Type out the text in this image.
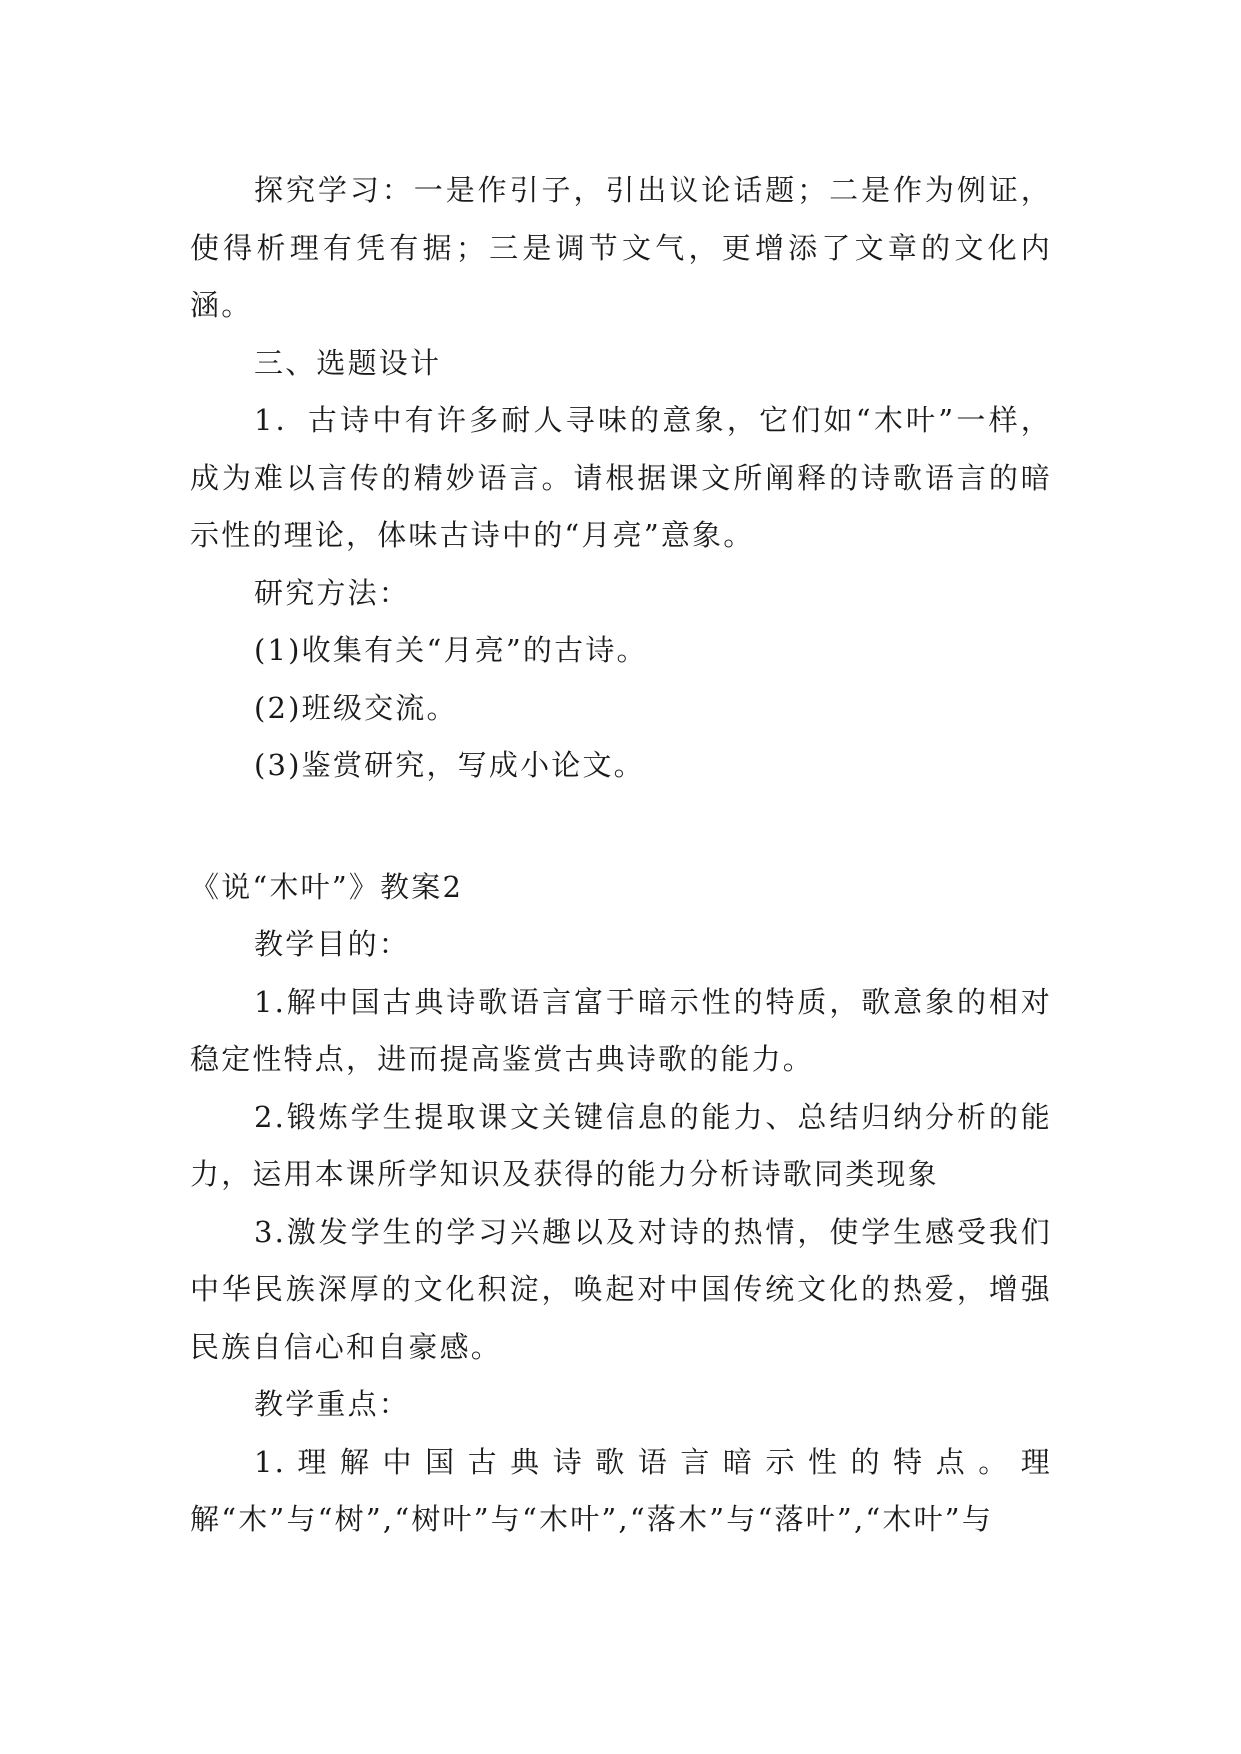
探究学习：一是作引子，引出议论话题；二是作为例证，使得析理有凭有据；三是调节文气，更增添了文章的文化内涵。

三、选题设计

1．古诗中有许多耐人寻味的意象，它们如“木叶”一样，成为难以言传的精妙语言。请根据课文所阐释的诗歌语言的暗示性的理论，体味古诗中的“月亮”意象。

研究方法：

(1)收集有关“月亮”的古诗。

(2)班级交流。

(3)鉴赏研究，写成小论文。

《说“木叶”》教案2

教学目的：

1.解中国古典诗歌语言富于暗示性的特质，歌意象的相对稳定性特点，进而提高鉴赏古典诗歌的能力。

2.锻炼学生提取课文关键信息的能力、总结归纳分析的能力，运用本课所学知识及获得的能力分析诗歌同类现象

3.激发学生的学习兴趣以及对诗的热情，使学生感受我们中华民族深厚的文化积淀，唤起对中国传统文化的热爱，增强民族自信心和自豪感。

教学重点：

1.理解中国古典诗歌语言暗示性的特点。理解“木”与“树”,“树叶”与“木叶”,“落木”与“落叶”,“木叶”与
